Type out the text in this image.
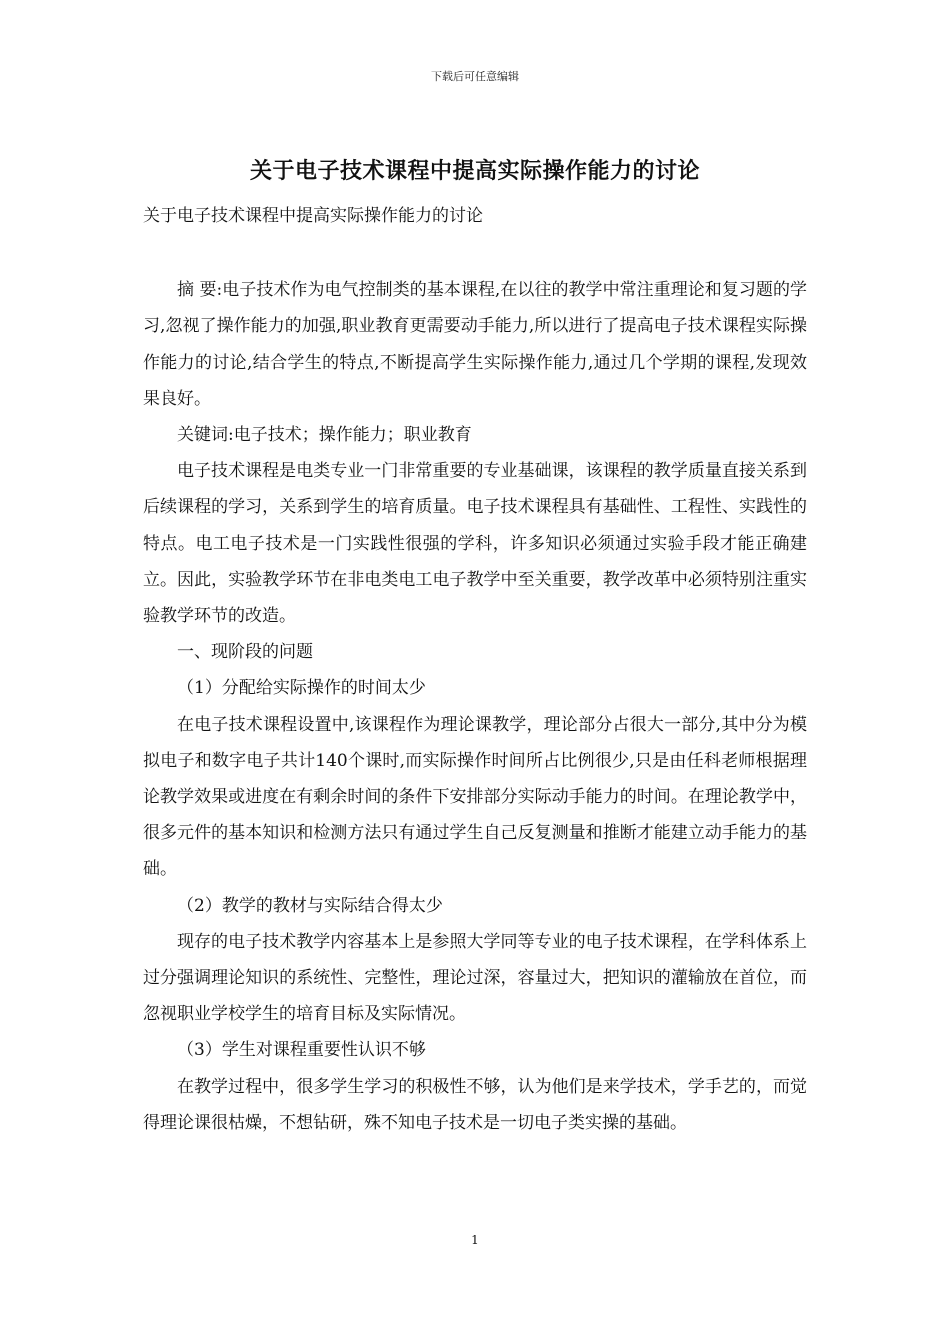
下载后可任意编辑
关于电子技术课程中提高实际操作能力的讨论

关于电子技术课程中提高实际操作能力的讨论

摘 要:电子技术作为电气控制类的基本课程,在以往的教学中常注重理论和复习题的学习,忽视了操作能力的加强,职业教育更需要动手能力,所以进行了提高电子技术课程实际操作能力的讨论,结合学生的特点,不断提高学生实际操作能力,通过几个学期的课程,发现效果良好。

关键词:电子技术；操作能力；职业教育

电子技术课程是电类专业一门非常重要的专业基础课，该课程的教学质量直接关系到后续课程的学习，关系到学生的培育质量。电子技术课程具有基础性、工程性、实践性的特点。电工电子技术是一门实践性很强的学科，许多知识必须通过实验手段才能正确建立。因此，实验教学环节在非电类电工电子教学中至关重要，教学改革中必须特别注重实验教学环节的改造。

一、现阶段的问题

（1）分配给实际操作的时间太少

在电子技术课程设置中,该课程作为理论课教学，理论部分占很大一部分,其中分为模拟电子和数字电子共计140个课时,而实际操作时间所占比例很少,只是由任科老师根据理论教学效果或进度在有剩余时间的条件下安排部分实际动手能力的时间。在理论教学中，很多元件的基本知识和检测方法只有通过学生自己反复测量和推断才能建立动手能力的基础。

（2）教学的教材与实际结合得太少

现存的电子技术教学内容基本上是参照大学同等专业的电子技术课程，在学科体系上过分强调理论知识的系统性、完整性，理论过深，容量过大，把知识的灌输放在首位，而忽视职业学校学生的培育目标及实际情况。

（3）学生对课程重要性认识不够

在教学过程中，很多学生学习的积极性不够，认为他们是来学技术，学手艺的，而觉得理论课很枯燥，不想钻研，殊不知电子技术是一切电子类实操的基础。

1
